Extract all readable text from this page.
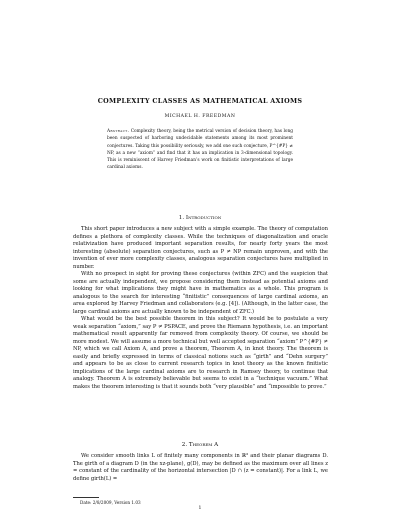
COMPLEXITY CLASSES AS MATHEMATICAL AXIOMS
MICHAEL H. FREEDMAN
Abstract. Complexity theory, being the metrical version of decision theory, has long been suspected of harboring undecidable statements among its most prominent conjectures. Taking this possibility seriously, we add one such conjecture, P^{#P} ≠ NP, as a new “axiom” and find that it has an implication in 3-dimensional topology. This is reminiscent of Harvey Friedman’s work on finitistic interpretations of large cardinal axioms.
1. Introduction

This short paper introduces a new subject with a simple example. The theory of computation defines a plethora of complexity classes. While the techniques of diagonalization and oracle relativization have produced important separation results, for nearly forty years the most interesting (absolute) separation conjectures, such as P ≠ NP remain unproven, and with the invention of ever more complexity classes, analogous separation conjectures have multiplied in number.

With no prospect in sight for proving these conjectures (within ZFC) and the suspicion that some are actually independent, we propose considering them instead as potential axioms and looking for what implications they might have in mathematics as a whole. This program is analogous to the search for interesting “finitistic” consequences of large cardinal axioms, an area explored by Harvey Friedman and collaborators (e.g. [4]). (Although, in the latter case, the large cardinal axioms are actually known to be independent of ZFC.)

What would be the best possible theorem in this subject? It would be to postulate a very weak separation “axiom,” say P ≠ PSPACE, and prove the Riemann hypothesis, i.e. an important mathematical result apparently far removed from complexity theory. Of course, we should be more modest. We will assume a more technical but well accepted separation “axiom” P^{#P} ≠ NP, which we call Axiom A, and prove a theorem, Theorem A, in knot theory. The theorem is easily and briefly expressed in terms of classical notions such as “girth” and “Dehn surgery” and appears to be as close to current research topics in knot theory as the known finitistic implications of the large cardinal axioms are to research in Ramsey theory, to continue that analogy. Theorem A is extremely believable but seems to exist in a “technique vacuum.” What makes the theorem interesting is that it sounds both “very plausible” and “impossible to prove.”

2. Theorem A

We consider smooth links L of finitely many components in ℝ³ and their planar diagrams D. The girth of a diagram D (in the xz-plane), g(D), may be defined as the maximum over all lines z = constant of the cardinality of the horizontal intersection |D ∩ (z = constant)|. For a link L, we define girth(L) =

Date: 2/8/2009, Version 1.03
1
